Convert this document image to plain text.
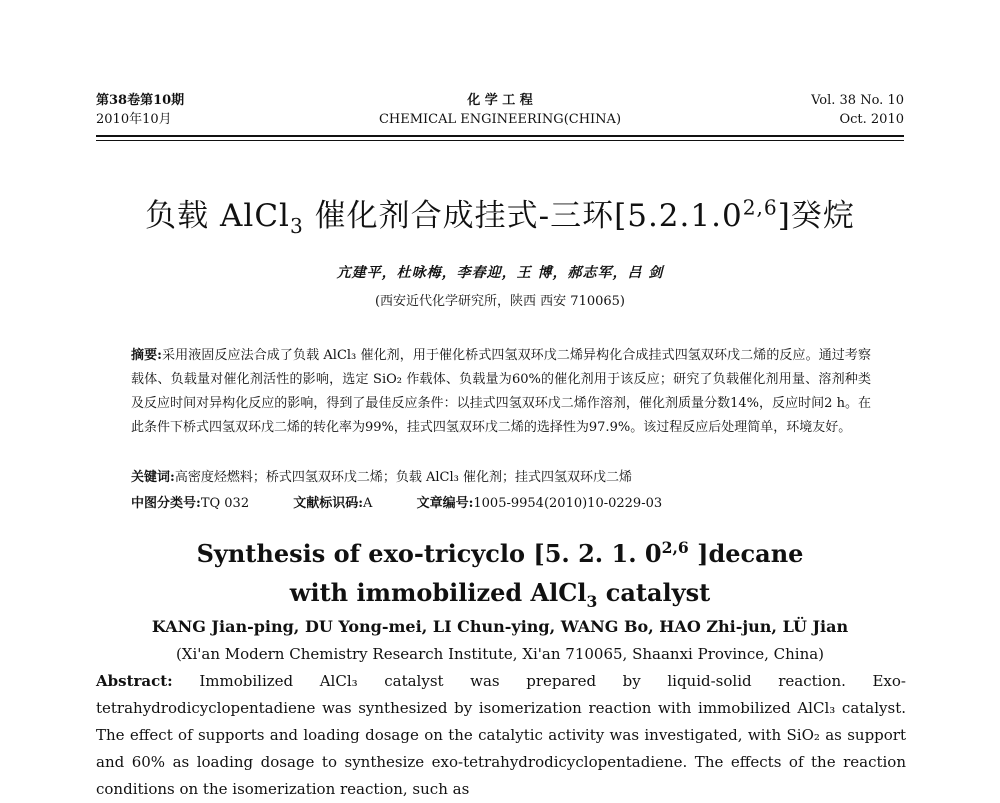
第38卷第10期
2010年10月
化 学 工 程
CHEMICAL ENGINEERING(CHINA)
Vol. 38 No. 10
Oct. 2010
负载 AlCl$_3$ 催化剂合成挂式-三环[5.2.1.0$^{2,6}$]癸烷
亢建平，杜咏梅，李春迎，王 博，郝志军，吕 剑
(西安近代化学研究所，陕西 西安 710065)
摘要:采用液固反应法合成了负载 AlCl₃ 催化剂，用于催化桥式四氢双环戊二烯异构化合成挂式四氢双环戊二烯的反应。通过考察载体、负载量对催化剂活性的影响，选定 SiO₂ 作载体、负载量为60%的催化剂用于该反应；研究了负载催化剂用量、溶剂种类及反应时间对异构化反应的影响，得到了最佳反应条件：以挂式四氢双环戊二烯作溶剂，催化剂质量分数14%，反应时间2 h。在此条件下桥式四氢双环戊二烯的转化率为99%，挂式四氢双环戊二烯的选择性为97.9%。该过程反应后处理简单，环境友好。
关键词:高密度烃燃料；桥式四氢双环戊二烯；负载 AlCl₃ 催化剂；挂式四氢双环戊二烯
中图分类号:TQ 032	文献标识码:A	文章编号:1005-9954(2010)10-0229-03
Synthesis of exo-tricyclo [5. 2. 1. 0$^{2,6}$ ]decane
with immobilized AlCl$_3$ catalyst
KANG Jian-ping, DU Yong-mei, LI Chun-ying, WANG Bo, HAO Zhi-jun, LÜ Jian
(Xi'an Modern Chemistry Research Institute, Xi'an 710065, Shaanxi Province, China)
Abstract: Immobilized AlCl₃ catalyst was prepared by liquid-solid reaction. Exo-tetrahydrodicyclopentadiene was synthesized by isomerization reaction with immobilized AlCl₃ catalyst. The effect of supports and loading dosage on the catalytic activity was investigated, with SiO₂ as support and 60% as loading dosage to synthesize exo-tetrahydrodicyclopentadiene. The effects of the reaction conditions on the isomerization reaction, such as
